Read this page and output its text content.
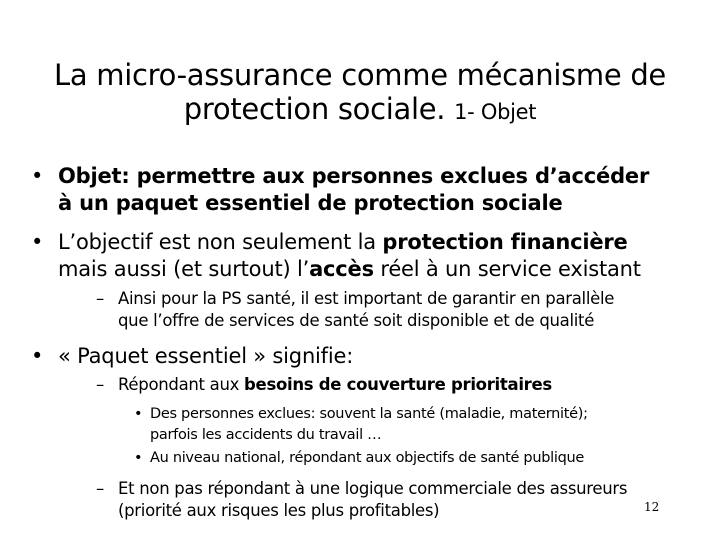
La micro-assurance comme mécanisme de
protection sociale. 1- Objet
• Objet: permettre aux personnes exclues d’accéder
à un paquet essentiel de protection sociale
• L’objectif est non seulement la protection financière
mais aussi (et surtout) l’accès réel à un service existant
– Ainsi pour la PS santé, il est important de garantir en parallèle
que l’offre de services de santé soit disponible et de qualité
• « Paquet essentiel » signifie:
– Répondant aux besoins de couverture prioritaires
• Des personnes exclues: souvent la santé (maladie, maternité);
parfois les accidents du travail …
• Au niveau national, répondant aux objectifs de santé publique
– Et non pas répondant à une logique commerciale des assureurs
(priorité aux risques les plus profitables)	12
